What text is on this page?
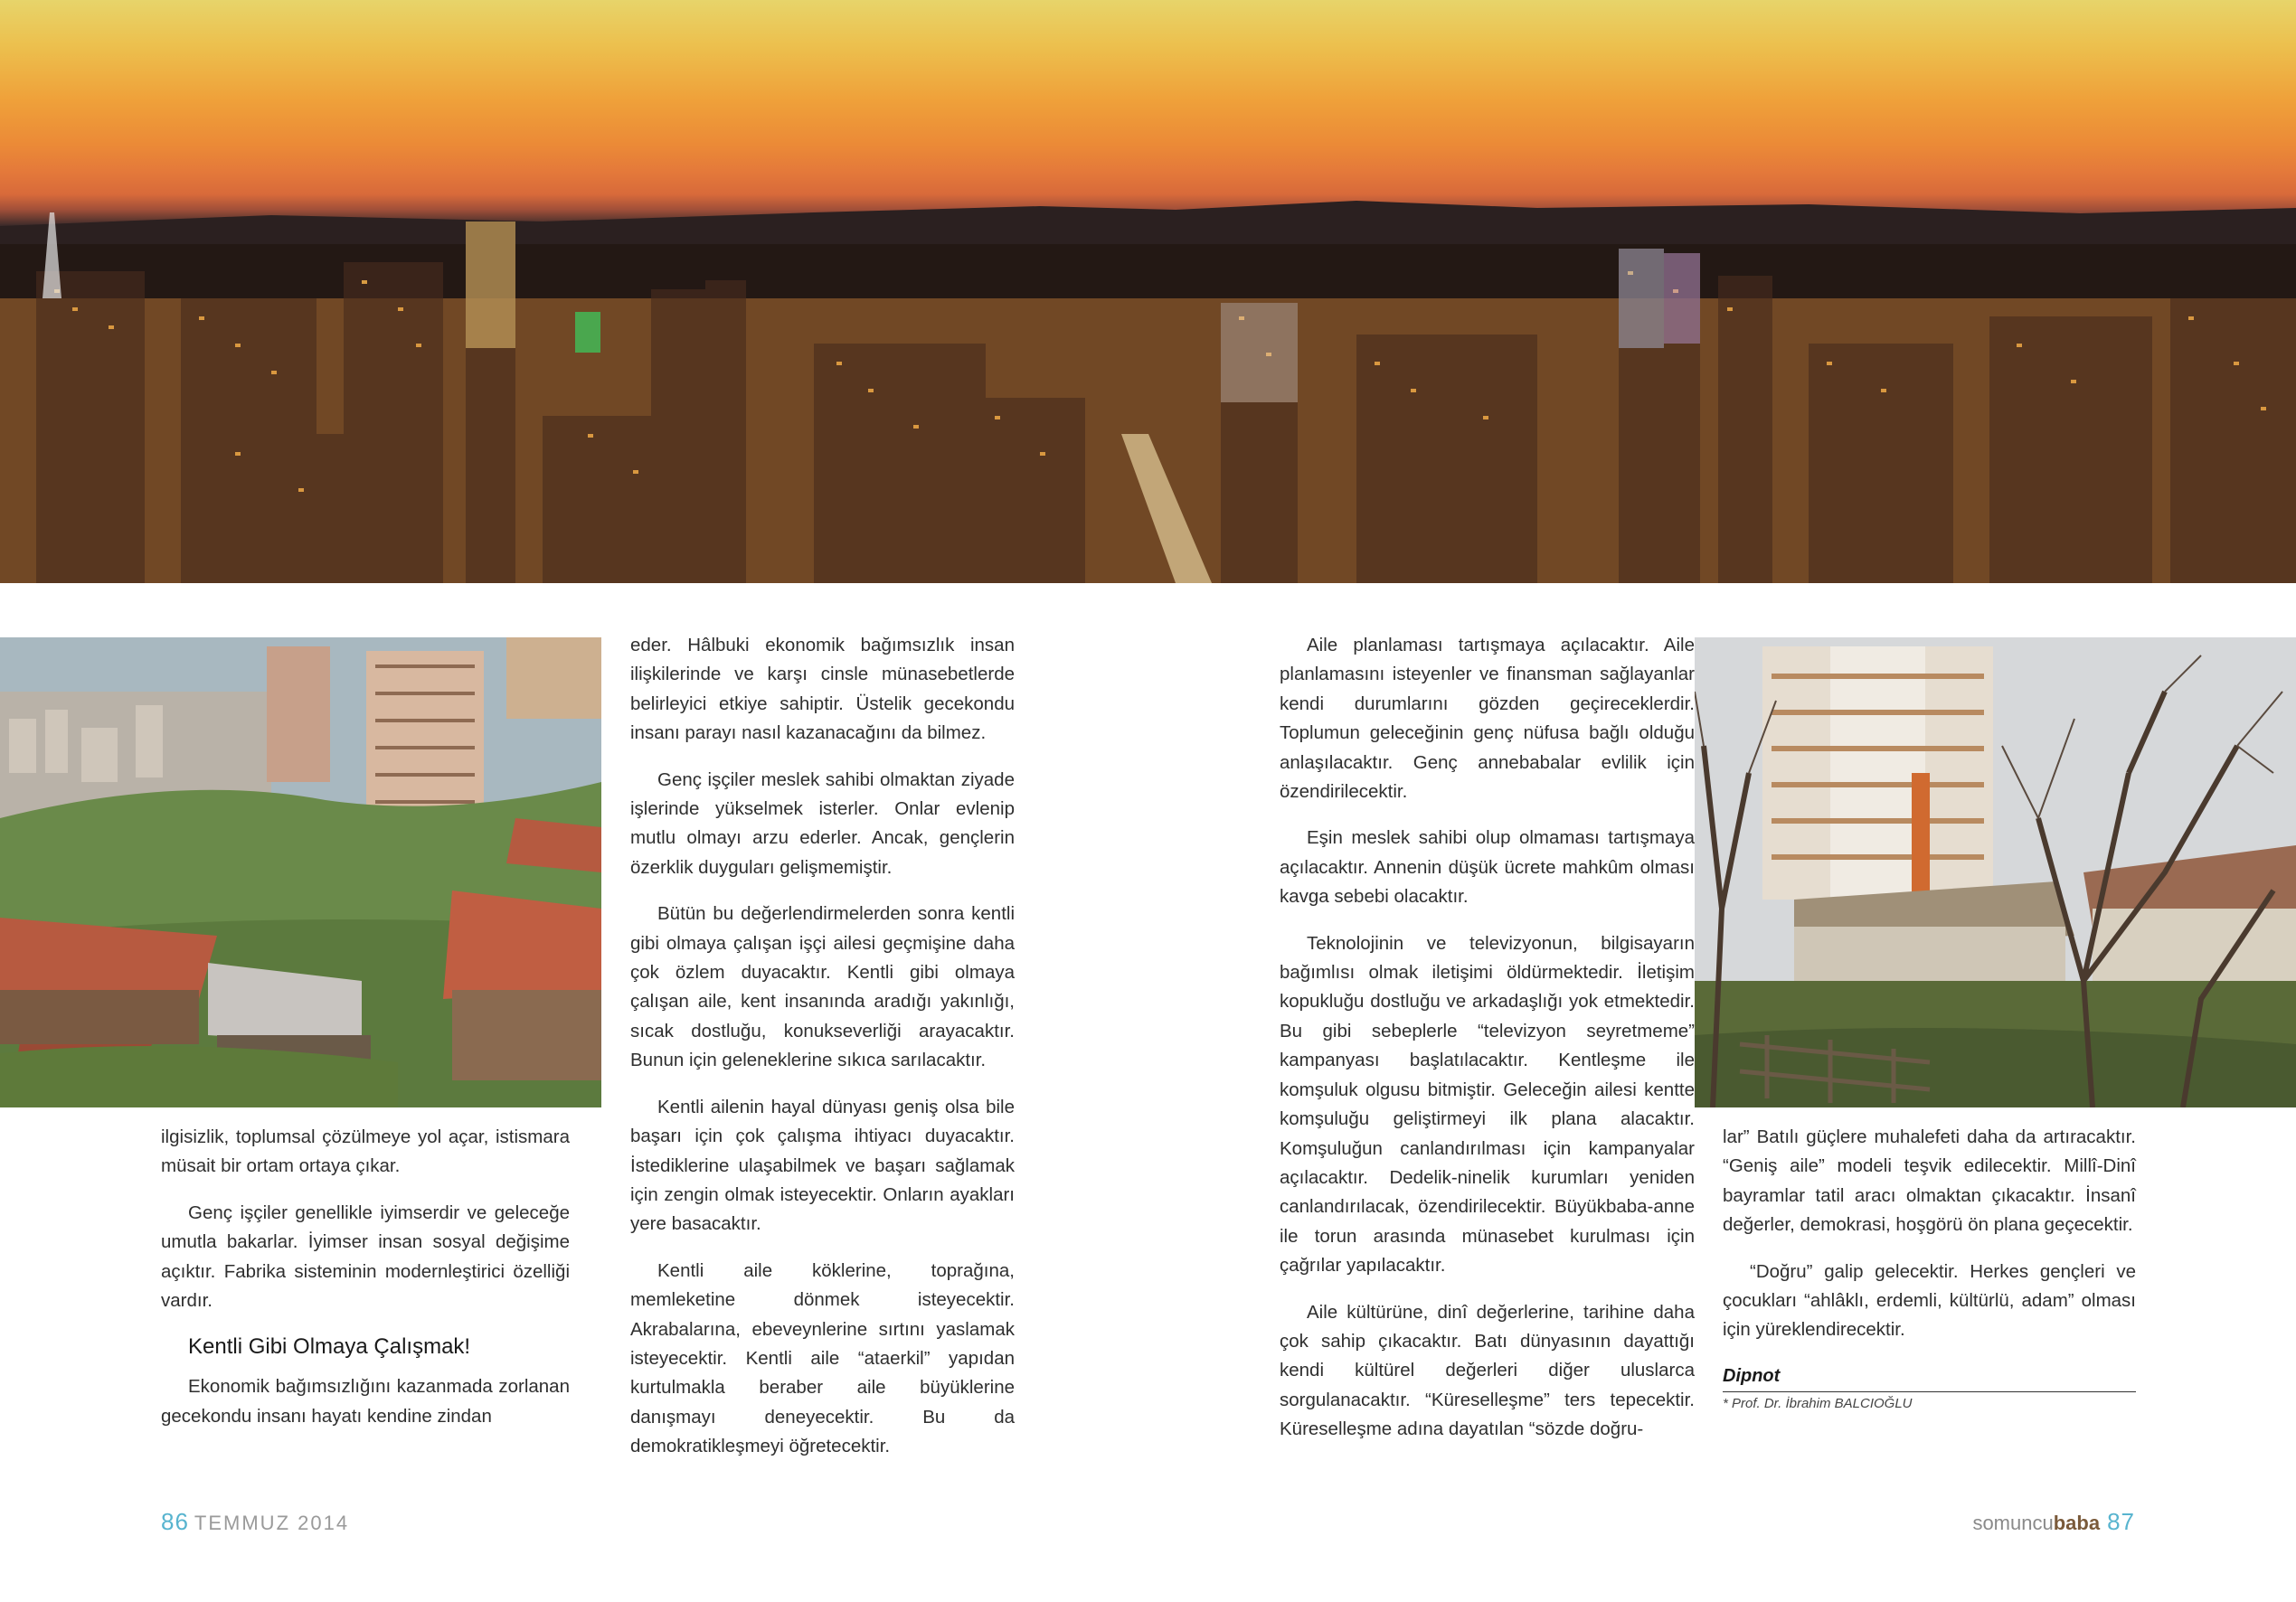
ilgisizlik, toplumsal çözülmeye yol açar, istismara müsait bir ortam ortaya çıkar.

Genç işçiler genellikle iyimserdir ve geleceğe umutla bakarlar. İyimser insan sosyal değişime açıktır. Fabrika sisteminin modernleştirici özelliği vardır.

Kentli Gibi Olmaya Çalışmak!

Ekonomik bağımsızlığını kazanmada zorlanan gecekondu insanı hayatı kendine zindan

eder. Hâlbuki ekonomik bağımsızlık insan ilişkilerinde ve karşı cinsle münasebetlerde belirleyici etkiye sahiptir. Üstelik gecekondu insanı parayı nasıl kazanacağını da bilmez.

Genç işçiler meslek sahibi olmaktan ziyade işlerinde yükselmek isterler. Onlar evlenip mutlu olmayı arzu ederler. Ancak, gençlerin özerklik duyguları gelişmemiştir.

Bütün bu değerlendirmelerden sonra kentli gibi olmaya çalışan işçi ailesi geçmişine daha çok özlem duyacaktır. Kentli gibi olmaya çalışan aile, kent insanında aradığı yakınlığı, sıcak dostluğu, konukseverliği arayacaktır. Bunun için geleneklerine sıkıca sarılacaktır.

Kentli ailenin hayal dünyası geniş olsa bile başarı için çok çalışma ihtiyacı duyacaktır. İstediklerine ulaşabilmek ve başarı sağlamak için zengin olmak isteyecektir. Onların ayakları yere basacaktır.

Kentli aile köklerine, toprağına, memleketine dönmek isteyecektir. Akrabalarına, ebeveynlerine sırtını yaslamak isteyecektir. Kentli aile “ataerkil” yapıdan kurtulmakla beraber aile büyüklerine danışmayı deneyecektir. Bu da demokratikleşmeyi öğretecektir.

Aile planlaması tartışmaya açılacaktır. Aile planlamasını isteyenler ve finansman sağlayanlar kendi durumlarını gözden geçireceklerdir. Toplumun geleceğinin genç nüfusa bağlı olduğu anlaşılacaktır. Genç annebabalar evlilik için özendirilecektir.

Eşin meslek sahibi olup olmaması tartışmaya açılacaktır. Annenin düşük ücrete mahkûm olması kavga sebebi olacaktır.

Teknolojinin ve televizyonun, bilgisayarın bağımlısı olmak iletişimi öldürmektedir. İletişim kopukluğu dostluğu ve arkadaşlığı yok etmektedir. Bu gibi sebeplerle “televizyon seyretmeme” kampanyası başlatılacaktır. Kentleşme ile komşuluk olgusu bitmiştir. Geleceğin ailesi kentte komşuluğu geliştirmeyi ilk plana alacaktır. Komşuluğun canlandırılması için kampanyalar açılacaktır. Dedelik-ninelik kurumları yeniden canlandırılacak, özendirilecektir. Büyükbaba-anne ile torun arasında münasebet kurulması için çağrılar yapılacaktır.

Aile kültürüne, dinî değerlerine, tarihine daha çok sahip çıkacaktır. Batı dünyasının dayattığı kendi kültürel değerleri diğer uluslarca sorgulanacaktır. “Küreselleşme” ters tepecektir. Küreselleşme adına dayatılan “sözde doğru-

lar” Batılı güçlere muhalefeti daha da artıracaktır. “Geniş aile” modeli teşvik edilecektir. Millî-Dinî bayramlar tatil aracı olmaktan çıkacaktır. İnsanî değerler, demokrasi, hoşgörü ön plana geçecektir.

“Doğru” galip gelecektir. Herkes gençleri ve çocukları “ahlâklı, erdemli, kültürlü, adam” olması için yüreklendirecektir.

Dipnot
* Prof. Dr. İbrahim BALCIOĞLU
86 TEMMUZ 2014	somuncubaba 87
